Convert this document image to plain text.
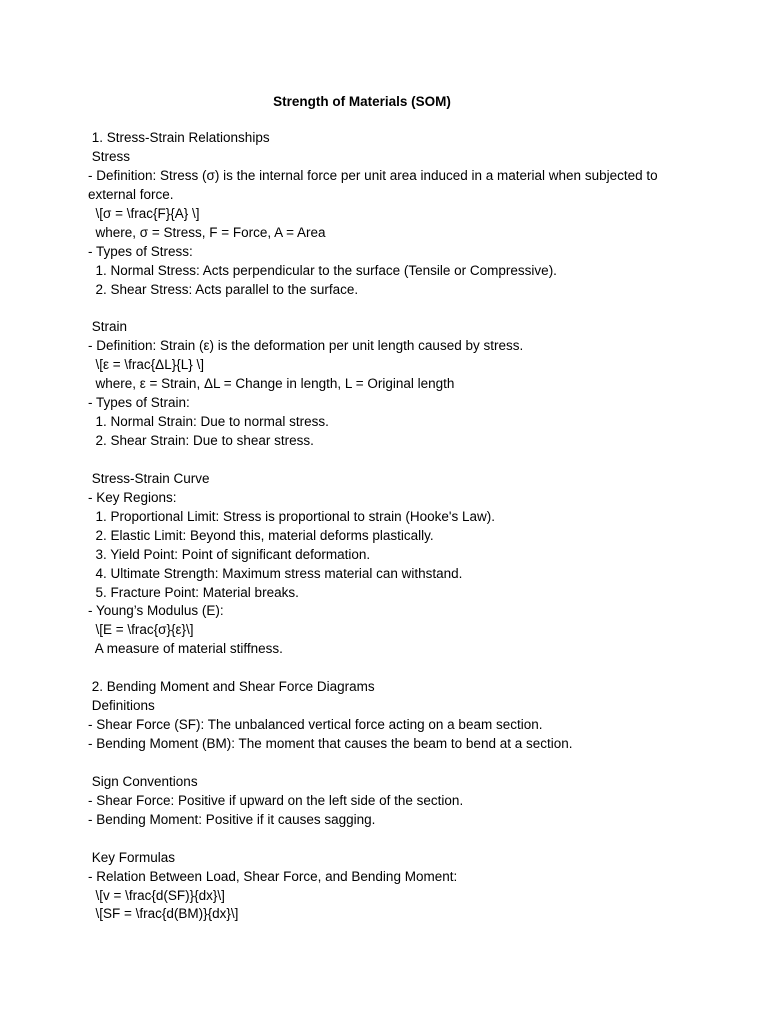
Strength of Materials (SOM)
1. Stress-Strain Relationships
Stress
- Definition: Stress (σ) is the internal force per unit area induced in a material when subjected to external force.
\[σ = \frac{F}{A} \]
where, σ = Stress, F = Force, A = Area
- Types of Stress:
1. Normal Stress: Acts perpendicular to the surface (Tensile or Compressive).
2. Shear Stress: Acts parallel to the surface.

Strain
- Definition: Strain (ε) is the deformation per unit length caused by stress.
\[ε = \frac{ΔL}{L} \]
where, ε = Strain, ΔL = Change in length, L = Original length
- Types of Strain:
1. Normal Strain: Due to normal stress.
2. Shear Strain: Due to shear stress.

Stress-Strain Curve
- Key Regions:
1. Proportional Limit: Stress is proportional to strain (Hooke's Law).
2. Elastic Limit: Beyond this, material deforms plastically.
3. Yield Point: Point of significant deformation.
4. Ultimate Strength: Maximum stress material can withstand.
5. Fracture Point: Material breaks.
- Young’s Modulus (E):
\[E = \frac{σ}{ε}\]
A measure of material stiffness.

2. Bending Moment and Shear Force Diagrams
Definitions
- Shear Force (SF): The unbalanced vertical force acting on a beam section.
- Bending Moment (BM): The moment that causes the beam to bend at a section.

Sign Conventions
- Shear Force: Positive if upward on the left side of the section.
- Bending Moment: Positive if it causes sagging.

Key Formulas
- Relation Between Load, Shear Force, and Bending Moment:
\[v = \frac{d(SF)}{dx}\]
\[SF = \frac{d(BM)}{dx}\]
